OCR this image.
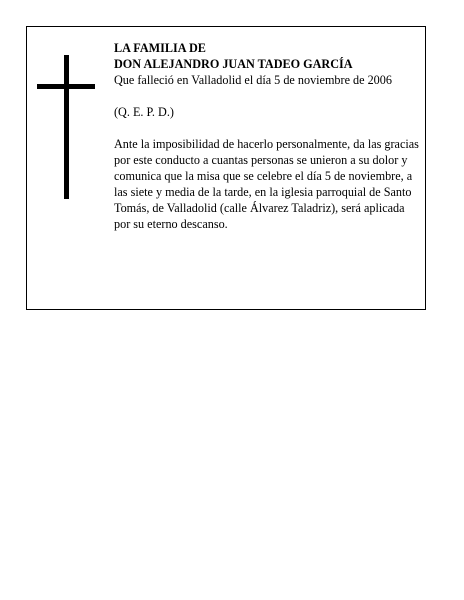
LA FAMILIA DE
DON ALEJANDRO JUAN TADEO GARCÍA

Que falleció en Valladolid el día 5 de noviembre de 2006

(Q. E. P. D.)

Ante la imposibilidad de hacerlo personalmente, da las gracias por este conducto a cuantas personas se unieron a su dolor y comunica que la misa que se celebre el día 5 de noviembre, a las siete y media de la tarde, en la iglesia parroquial de Santo Tomás, de Valladolid (calle Álvarez Taladriz), será aplicada por su eterno descanso.
